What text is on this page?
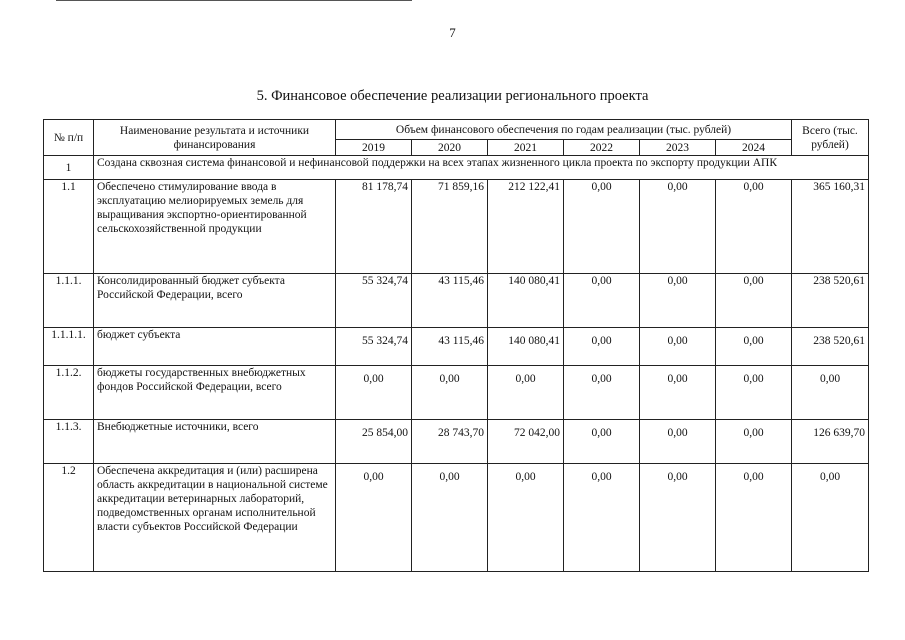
7
5. Финансовое обеспечение реализации регионального проекта
№ п/п	Наименование результата и источники финансирования	Объем финансового обеспечения по годам реализации (тыс. рублей)						Всего (тыс. рублей)
		2019	2020	2021	2022	2023	2024	
1	Создана сквозная система финансовой и нефинансовой поддержки на всех этапах жизненного цикла проекта по экспорту продукции АПК							
1.1	Обеспечено стимулирование ввода в эксплуатацию мелиорируемых земель для выращивания экспортно-ориентированной сельскохозяйственной продукции	81 178,74	71 859,16	212 122,41	0,00	0,00	0,00	365 160,31
1.1.1.	Консолидированный бюджет субъекта Российской Федерации, всего	55 324,74	43 115,46	140 080,41	0,00	0,00	0,00	238 520,61
1.1.1.1.	бюджет субъекта	55 324,74	43 115,46	140 080,41	0,00	0,00	0,00	238 520,61
1.1.2.	бюджеты государственных внебюджетных фондов Российской Федерации, всего	0,00	0,00	0,00	0,00	0,00	0,00	0,00
1.1.3.	Внебюджетные источники, всего	25 854,00	28 743,70	72 042,00	0,00	0,00	0,00	126 639,70
1.2	Обеспечена аккредитация и (или) расширена область аккредитации в национальной системе аккредитации ветеринарных лабораторий, подведомственных органам исполнительной власти субъектов Российской Федерации	0,00	0,00	0,00	0,00	0,00	0,00	0,00
